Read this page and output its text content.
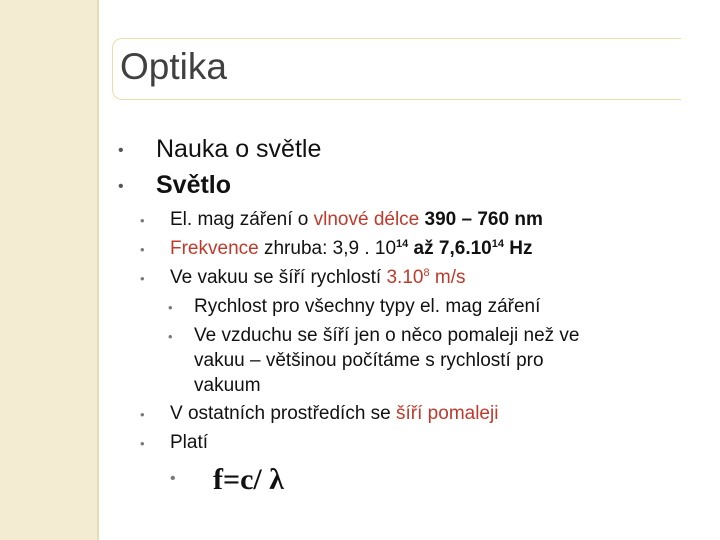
Optika
• Nauka o světle
• Světlo
• El. mag záření o vlnové délce 390 – 760 nm
• Frekvence zhruba: 3,9 . $10^{14}$ až 7,6.10$^{14}$ Hz
• Ve vakuu se šíří rychlostí 3.10$^8$ m/s
• Rychlost pro všechny typy el. mag záření
• Ve vzduchu se šíří jen o něco pomaleji než ve
vakuu – většinou počítáme s rychlostí pro
vakuum
• V ostatních prostředích se šíří pomaleji
• Platí
• f=c/ λ
